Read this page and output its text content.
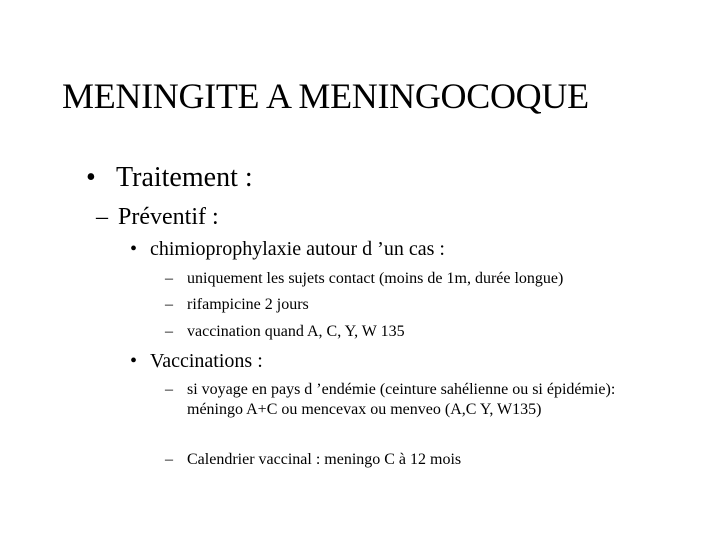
MENINGITE A MENINGOCOQUE
• Traitement :
– Préventif :
• chimioprophylaxie autour d ’un cas :
– uniquement les sujets contact (moins de 1m, durée longue)
– rifampicine 2 jours
– vaccination quand A, C, Y, W 135
• Vaccinations :
– si voyage en pays d ’endémie (ceinture sahélienne ou si épidémie): méningo A+C ou mencevax ou menveo (A,C Y, W135)
– Calendrier vaccinal : meningo C à 12 mois
